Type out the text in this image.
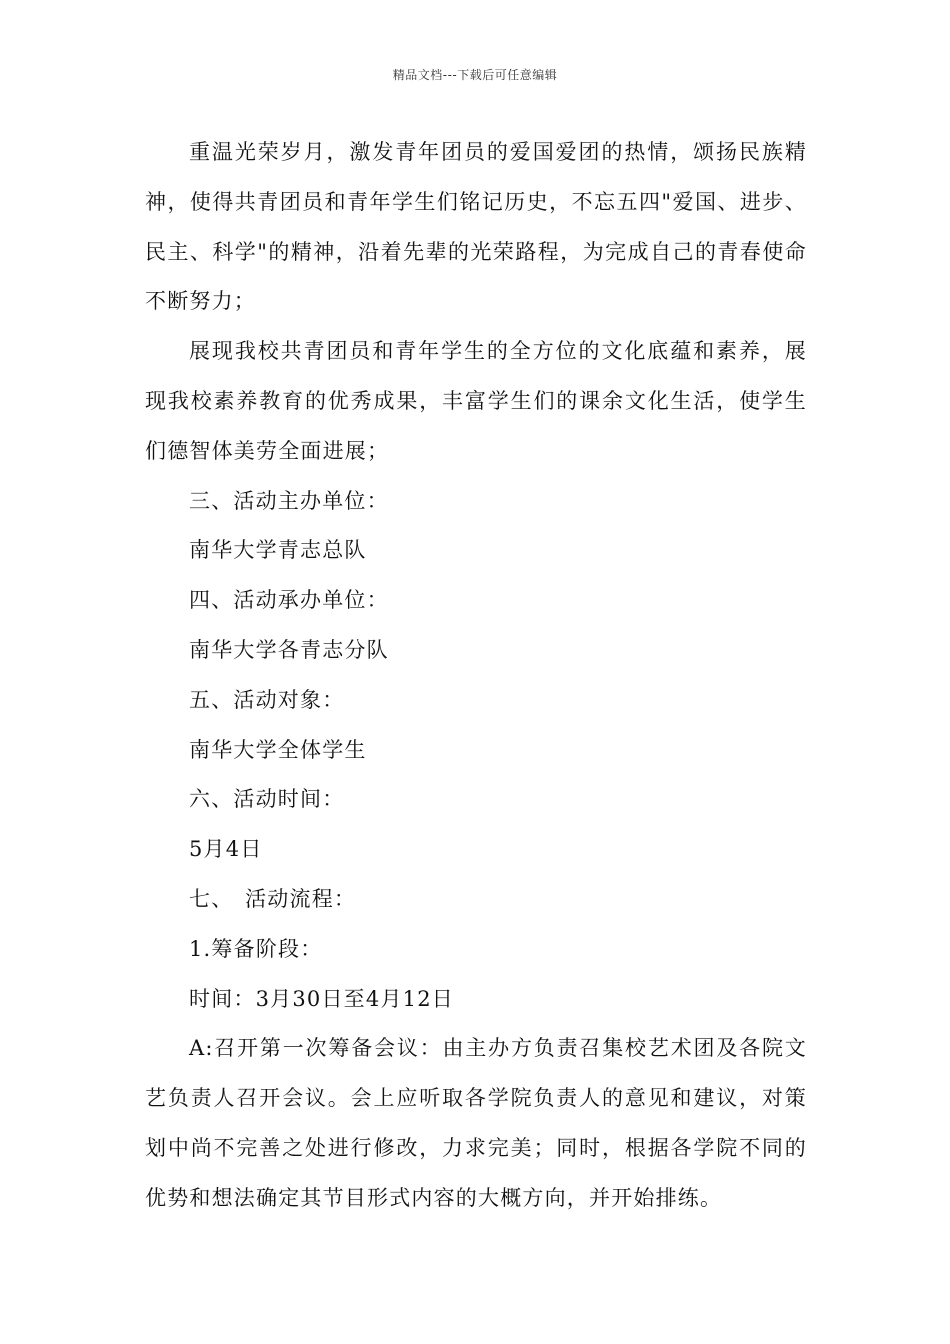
精品文档---下载后可任意编辑

重温光荣岁月，激发青年团员的爱国爱团的热情，颂扬民族精神，使得共青团员和青年学生们铭记历史，不忘五四"爱国、进步、民主、科学"的精神，沿着先辈的光荣路程，为完成自己的青春使命不断努力；

展现我校共青团员和青年学生的全方位的文化底蕴和素养，展现我校素养教育的优秀成果，丰富学生们的课余文化生活，使学生们德智体美劳全面进展；

三、活动主办单位：

南华大学青志总队

四、活动承办单位：

南华大学各青志分队

五、活动对象：

南华大学全体学生

六、活动时间：

5月4日

七、　活动流程：

1.筹备阶段：

时间：3月30日至4月12日

A:召开第一次筹备会议：由主办方负责召集校艺术团及各院文艺负责人召开会议。会上应听取各学院负责人的意见和建议，对策划中尚不完善之处进行修改，力求完美；同时，根据各学院不同的优势和想法确定其节目形式内容的大概方向，并开始排练。
